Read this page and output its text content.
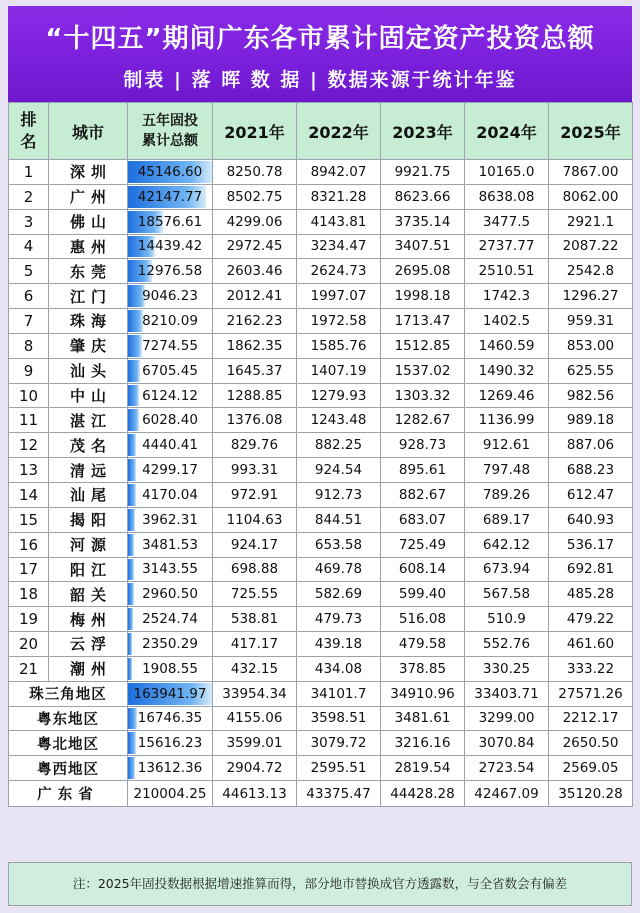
“十四五”期间广东各市累计固定资产投资总额
制表 | 落 晖 数 据 | 数据来源于统计年鉴
排
名	城市	五年固投
累计总额	2021年	2022年	2023年	2024年	2025年
1	深圳	45146.60	8250.78	8942.07	9921.75	10165.0	7867.00
2	广州	42147.77	8502.75	8321.28	8623.66	8638.08	8062.00
3	佛山	18576.61	4299.06	4143.81	3735.14	3477.5	2921.1
4	惠州	14439.42	2972.45	3234.47	3407.51	2737.77	2087.22
5	东莞	12976.58	2603.46	2624.73	2695.08	2510.51	2542.8
6	江门	9046.23	2012.41	1997.07	1998.18	1742.3	1296.27
7	珠海	8210.09	2162.23	1972.58	1713.47	1402.5	959.31
8	肇庆	7274.55	1862.35	1585.76	1512.85	1460.59	853.00
9	汕头	6705.45	1645.37	1407.19	1537.02	1490.32	625.55
10	中山	6124.12	1288.85	1279.93	1303.32	1269.46	982.56
11	湛江	6028.40	1376.08	1243.48	1282.67	1136.99	989.18
12	茂名	4440.41	829.76	882.25	928.73	912.61	887.06
13	清远	4299.17	993.31	924.54	895.61	797.48	688.23
14	汕尾	4170.04	972.91	912.73	882.67	789.26	612.47
15	揭阳	3962.31	1104.63	844.51	683.07	689.17	640.93
16	河源	3481.53	924.17	653.58	725.49	642.12	536.17
17	阳江	3143.55	698.88	469.78	608.14	673.94	692.81
18	韶关	2960.50	725.55	582.69	599.40	567.58	485.28
19	梅州	2524.74	538.81	479.73	516.08	510.9	479.22
20	云浮	2350.29	417.17	439.18	479.58	552.76	461.60
21	潮州	1908.55	432.15	434.08	378.85	330.25	333.22
珠三角地区		163941.97	33954.34	34101.7	34910.96	33403.71	27571.26
粤东地区		16746.35	4155.06	3598.51	3481.61	3299.00	2212.17
粤北地区		15616.23	3599.01	3079.72	3216.16	3070.84	2650.50
粤西地区		13612.36	2904.72	2595.51	2819.54	2723.54	2569.05
广东省		210004.25	44613.13	43375.47	44428.28	42467.09	35120.28
注：2025年固投数据根据增速推算而得，部分地市替换成官方透露数，与全省数会有偏差
